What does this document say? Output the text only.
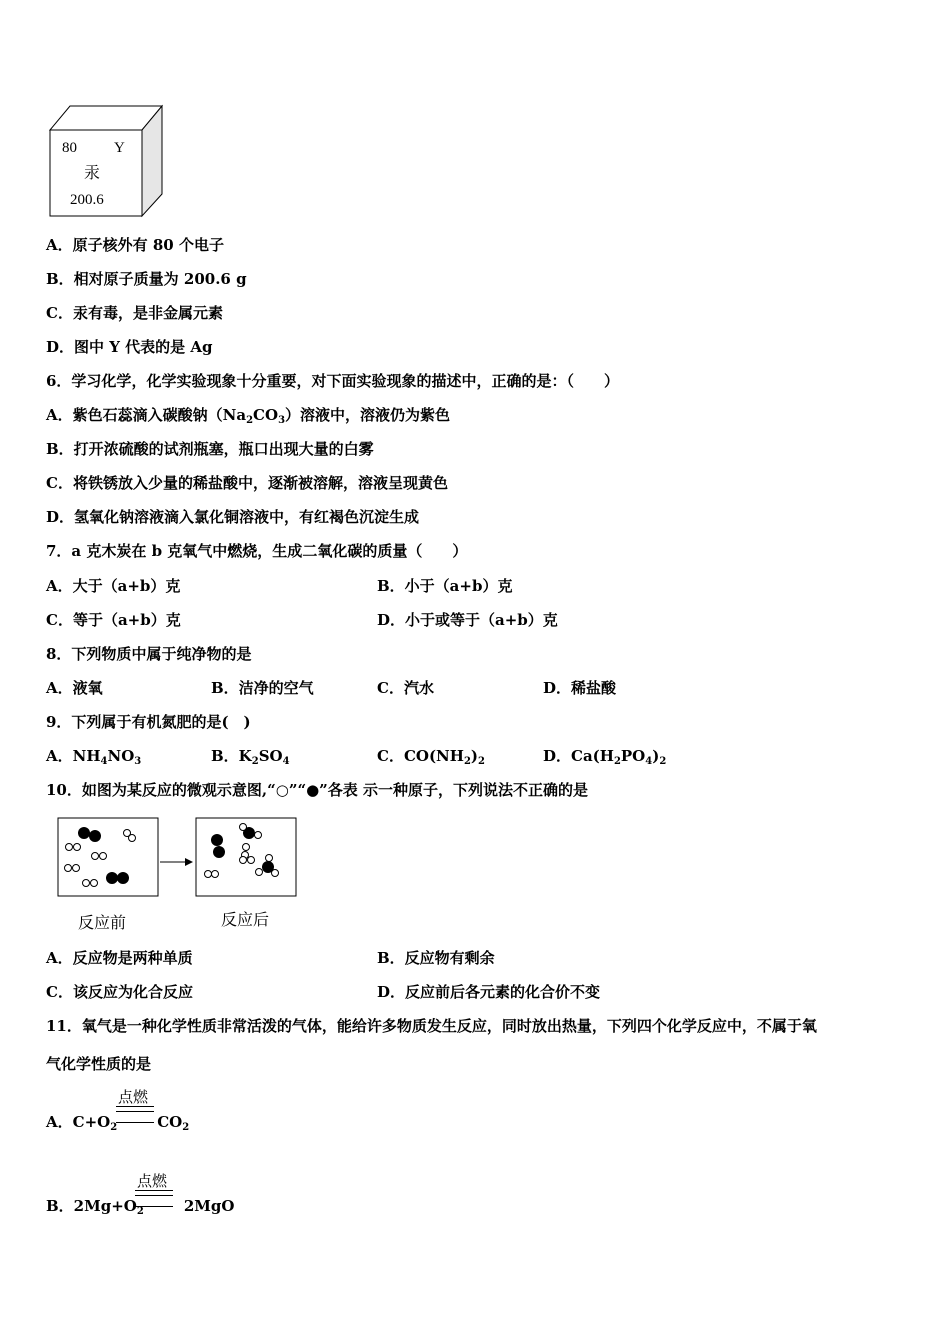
80 Y
汞
200.6
A．原子核外有 80 个电子
B．相对原子质量为 200.6 g
C．汞有毒，是非金属元素
D．图中 Y 代表的是 Ag
6．学习化学，化学实验现象十分重要，对下面实验现象的描述中，正确的是：（　　）
A．紫色石蕊滴入碳酸钠$(Na_2CO_3)$溶液中，溶液仍为紫色
B．打开浓硫酸的试剂瓶塞，瓶口出现大量的白雾
C．将铁锈放入少量的稀盐酸中，逐渐被溶解，溶液呈现黄色
D．氢氧化钠溶液滴入氯化铜溶液中，有红褐色沉淀生成
7．a 克木炭在 b 克氧气中燃烧，生成二氧化碳的质量（　　）
A．大于（a+b）克	B．小于（a+b）克
C．等于（a+b）克	D．小于或等于（a+b）克
8．下列物质中属于纯净物的是
A．液氧	B．洁净的空气	C．汽水	D．稀盐酸
9．下列属于有机氮肥的是(　)
A．$NH_4NO_3$	B．$K_2SO_4$	C．$CO(NH_2)_2$	D．$Ca(H_2PO_4)_2$
10．如图为某反应的微观示意图,“○”“●”各表 示一种原子，下列说法不正确的是
反应前	反应后
A．反应物是两种单质	B．反应物有剩余
C．该反应为化合反应	D．反应前后各元素的化合价不变
11．氧气是一种化学性质非常活泼的气体，能给许多物质发生反应，同时放出热量，下列四个化学反应中，不属于氧
气化学性质的是
点燃
A．$C+O_2$	$CO_2$
点燃
B．$2Mg+O_2$	2MgO
